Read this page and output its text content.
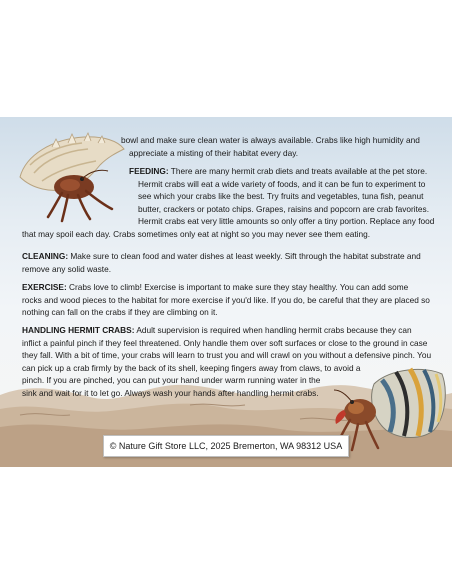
bowl and make sure clean water is always available. Crabs like high humidity and
appreciate a misting of their habitat every day.
FEEDING: There are many hermit crab diets and treats available at the pet store.
Hermit crabs will eat a wide variety of foods, and it can be fun to experiment to
see which your crabs like the best. Try fruits and vegetables, tuna fish, peanut
butter, crackers or potato chips. Grapes, raisins and popcorn are crab favorites.
Hermit crabs eat very little amounts so only offer a tiny portion. Replace any food
that may spoil each day. Crabs sometimes only eat at night so you may never see them eating.
CLEANING: Make sure to clean food and water dishes at least weekly. Sift through the habitat substrate and
remove any solid waste.
EXERCISE: Crabs love to climb! Exercise is important to make sure they stay healthy. You can add some
rocks and wood pieces to the habitat for more exercise if you'd like. If you do, be careful that they are placed so
nothing can fall on the crabs if they are climbing on it.
HANDLING HERMIT CRABS: Adult supervision is required when handling hermit crabs because they can
inflict a painful pinch if they feel threatened. Only handle them over soft surfaces or close to the ground in case
they fall. With a bit of time, your crabs will learn to trust you and will crawl on you without a defensive pinch. You
can pick up a crab firmly by the back of its shell, keeping fingers away from claws, to avoid a
pinch. If you are pinched, you can put your hand under warm running water in the
sink and wait for it to let go. Always wash your hands after handling hermit crabs.
© Nature Gift Store LLC, 2025 Bremerton, WA 98312 USA
